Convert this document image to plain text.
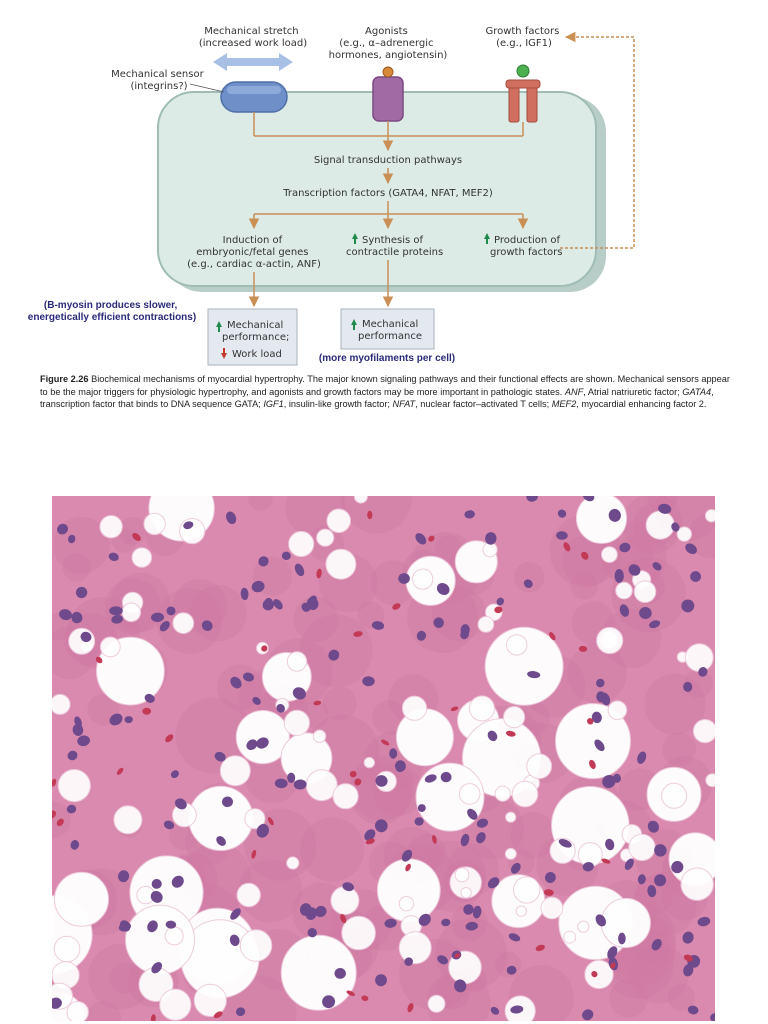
Mechanical stretch (increased work load)
Agonists (e.g., α–adrenergic hormones, angiotensin)
Growth factors (e.g., IGF1)
Mechanical sensor (integrins?)
Signal transduction pathways
Transcription factors (GATA4, NFAT, MEF2)
Induction of embryonic/fetal genes (e.g., cardiac α-actin, ANF)
Synthesis of contractile proteins
Production of growth factors
Mechanical performance; Work load
Mechanical performance
(B-myosin produces slower, energetically efficient contractions)
(more myofilaments per cell)
Figure 2.26 Biochemical mechanisms of myocardial hypertrophy. The major known signaling pathways and their functional effects are shown. Mechanical sensors appear to be the major triggers for physiologic hypertrophy, and agonists and growth factors may be more important in pathologic states. ANF, Atrial natriuretic factor; GATA4, transcription factor that binds to DNA sequence GATA; IGF1, insulin-like growth factor; NFAT, nuclear factor–activated T cells; MEF2, myocardial enhancing factor 2.
